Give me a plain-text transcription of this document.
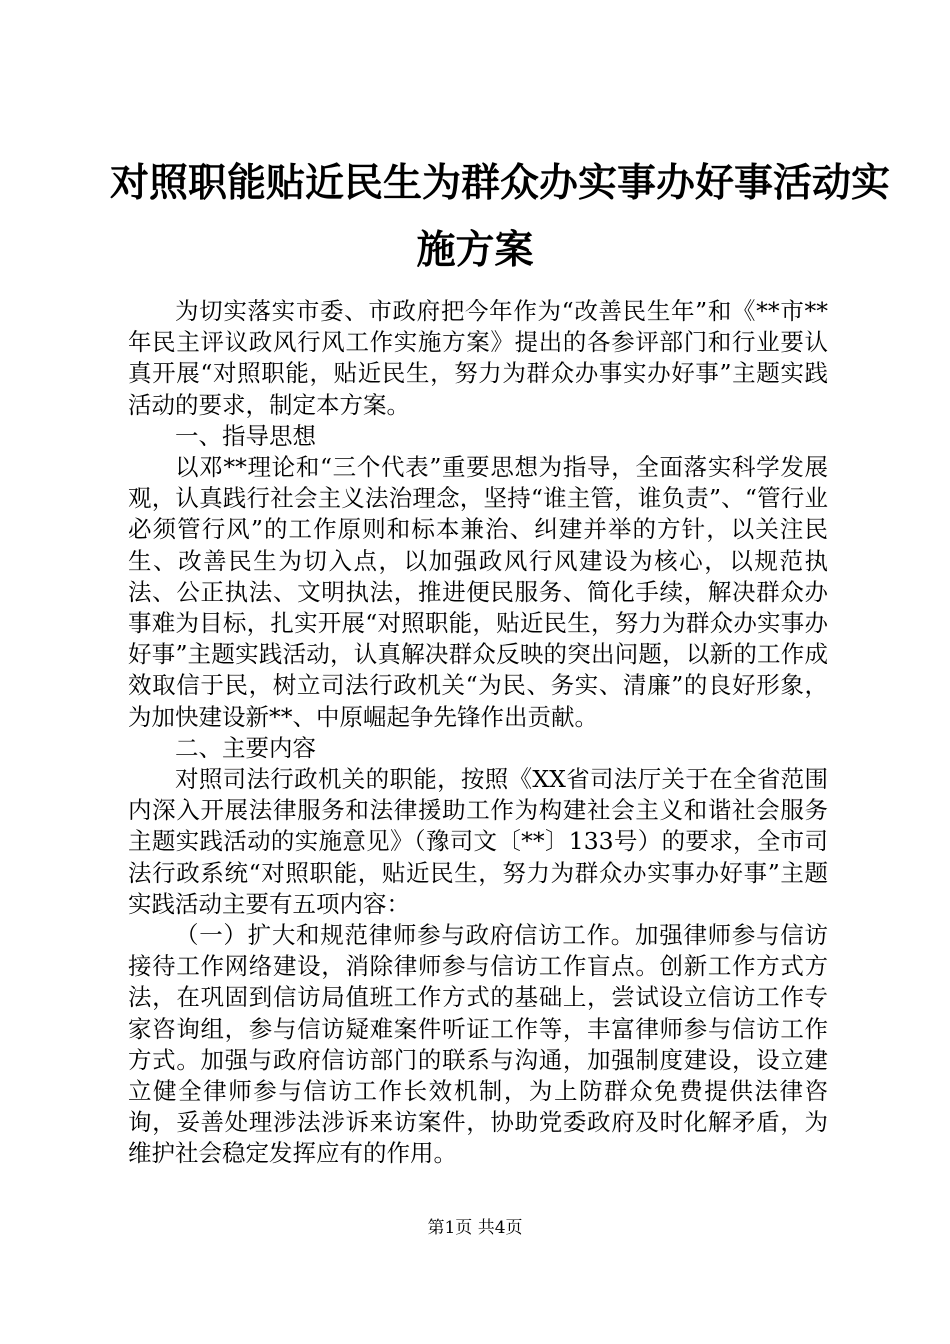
对照职能贴近民生为群众办实事办好事活动实
施方案

为切实落实市委、市政府把今年作为“改善民生年”和《**市**年民主评议政风行风工作实施方案》提出的各参评部门和行业要认真开展“对照职能，贴近民生，努力为群众办事实办好事”主题实践活动的要求，制定本方案。

一、指导思想

以邓**理论和“三个代表”重要思想为指导，全面落实科学发展观，认真践行社会主义法治理念，坚持“谁主管，谁负责”、“管行业必须管行风”的工作原则和标本兼治、纠建并举的方针，以关注民生、改善民生为切入点，以加强政风行风建设为核心，以规范执法、公正执法、文明执法，推进便民服务、简化手续，解决群众办事难为目标，扎实开展“对照职能，贴近民生，努力为群众办实事办好事”主题实践活动，认真解决群众反映的突出问题，以新的工作成效取信于民，树立司法行政机关“为民、务实、清廉”的良好形象，为加快建设新**、中原崛起争先锋作出贡献。

二、主要内容

对照司法行政机关的职能，按照《XX省司法厅关于在全省范围内深入开展法律服务和法律援助工作为构建社会主义和谐社会服务主题实践活动的实施意见》（豫司文〔**〕133号）的要求，全市司法行政系统“对照职能，贴近民生，努力为群众办实事办好事”主题实践活动主要有五项内容：

（一）扩大和规范律师参与政府信访工作。加强律师参与信访接待工作网络建设，消除律师参与信访工作盲点。创新工作方式方法，在巩固到信访局值班工作方式的基础上，尝试设立信访工作专家咨询组，参与信访疑难案件听证工作等，丰富律师参与信访工作方式。加强与政府信访部门的联系与沟通，加强制度建设，设立建立健全律师参与信访工作长效机制，为上防群众免费提供法律咨询，妥善处理涉法涉诉来访案件，协助党委政府及时化解矛盾，为维护社会稳定发挥应有的作用。

第1页 共4页
